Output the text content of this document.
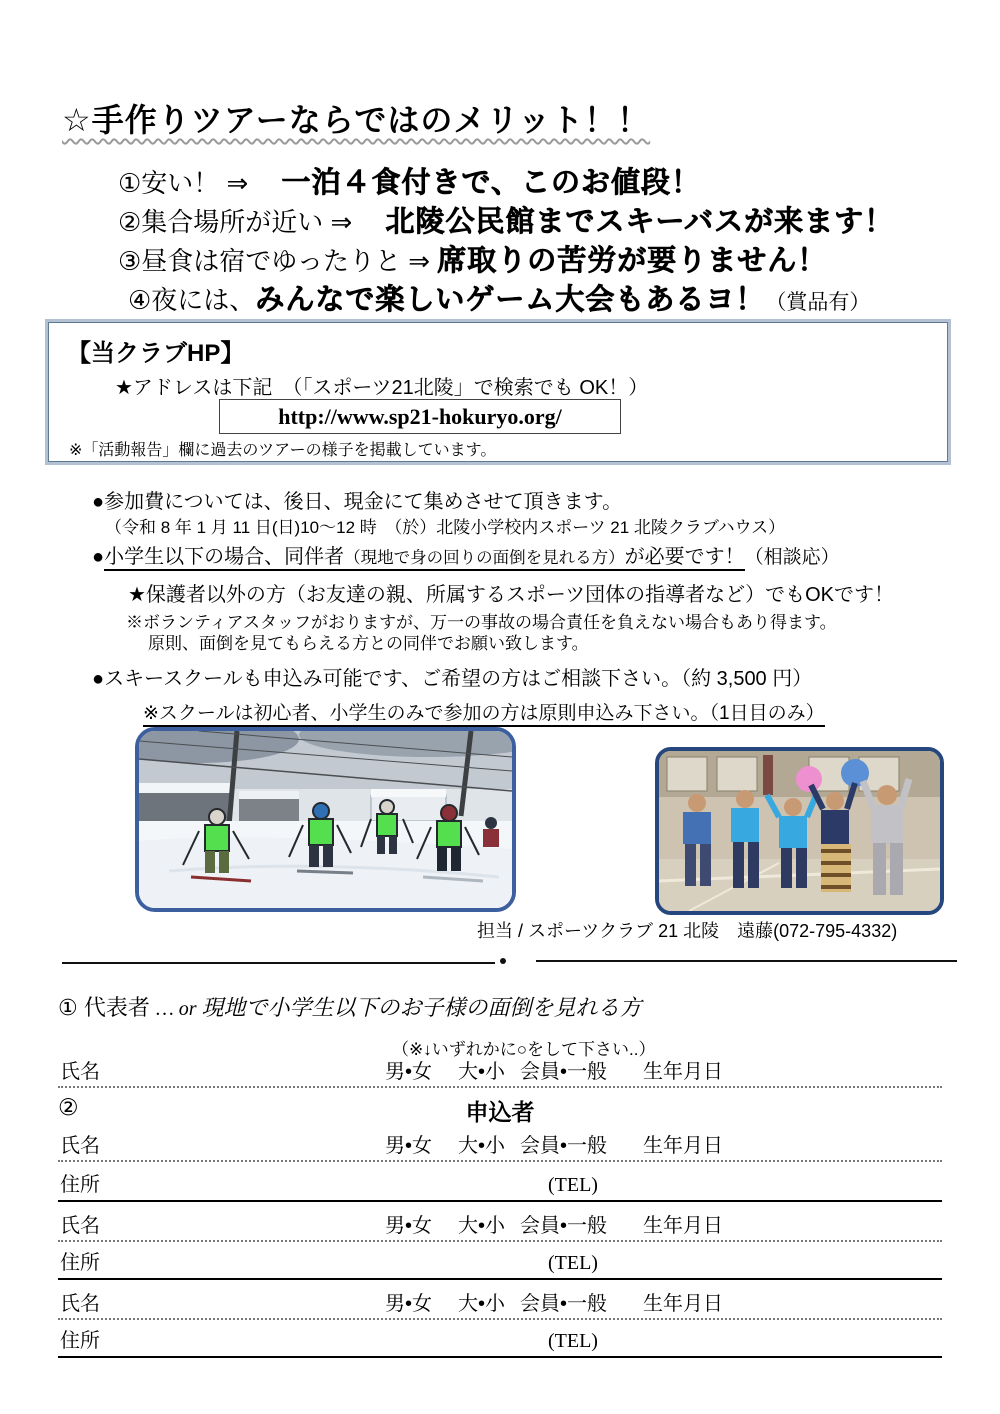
☆手作りツアーならではのメリット！！
①安い！ ⇒ 　一泊４食付きで、このお値段！
②集合場所が近い ⇒ 　北陵公民館までスキーバスが来ます！
③昼食は宿でゆったりと ⇒ 席取りの苦労が要りません！
④夜には、みんなで楽しいゲーム大会もあるヨ！（賞品有）
【当クラブHP】
★アドレスは下記　（「スポーツ21北陵」で検索でも OK！）
http://www.sp21-hokuryo.org/
※「活動報告」欄に過去のツアーの様子を掲載しています。
●参加費については、後日、現金にて集めさせて頂きます。
（令和 8 年 1 月 11 日(日)10～12 時　（於）北陵小学校内スポーツ 21 北陵クラブハウス）
●小学生以下の場合、同伴者（現地で身の回りの面倒を見れる方）が必要です！（相談応）
★保護者以外の方（お友達の親、所属するスポーツ団体の指導者など）でもOKです！
※ボランティアスタッフがおりますが、万一の事故の場合責任を負えない場合もあり得ます。
原則、面倒を見てもらえる方との同伴でお願い致します。
●スキースクールも申込み可能です、ご希望の方はご相談下さい。（約 3,500 円）
※スクールは初心者、小学生のみで参加の方は原則申込み下さい。（1日目のみ）
担当 / スポーツクラブ 21 北陵　遠藤(072-795-4332)
① 代表者 … or 現地で小学生以下のお子様の面倒を見れる方
（※↓いずれかに○をして下さい..）
氏名	男•女 大•小 会員•一般 生年月日
②	申込者
氏名	男•女 大•小 会員•一般 生年月日
住所	(TEL)
氏名	男•女 大•小 会員•一般 生年月日
住所	(TEL)
氏名	男•女 大•小 会員•一般 生年月日
住所	(TEL)
